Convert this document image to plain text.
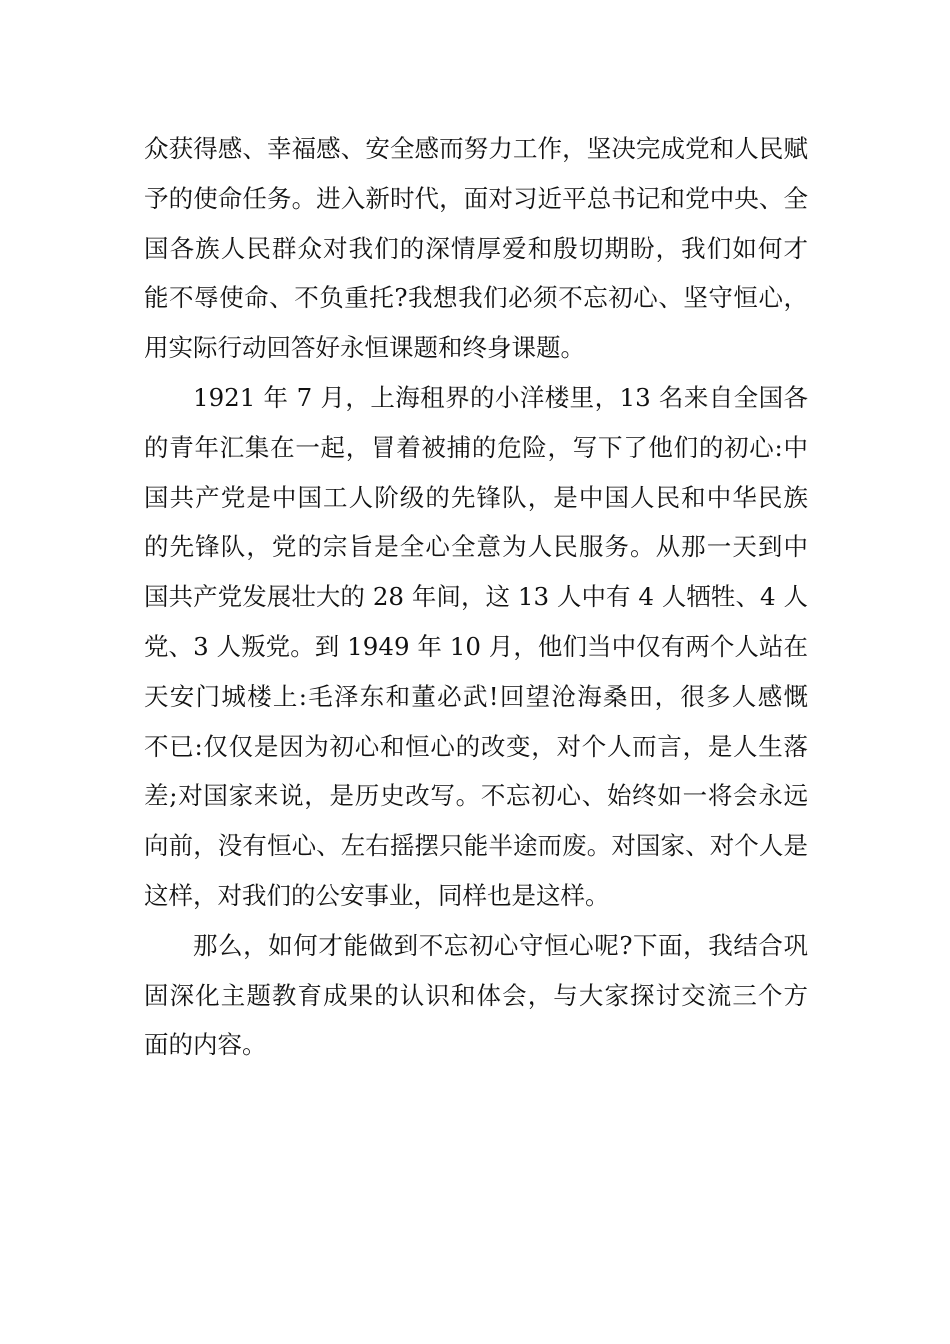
众获得感、幸福感、安全感而努力工作，坚决完成党和人民赋
予的使命任务。进入新时代，面对习近平总书记和党中央、全
国各族人民群众对我们的深情厚爱和殷切期盼，我们如何才
能不辱使命、不负重托?我想我们必须不忘初心、坚守恒心，
用实际行动回答好永恒课题和终身课题。
1921 年 7 月，上海租界的小洋楼里，13 名来自全国各
的青年汇集在一起，冒着被捕的危险，写下了他们的初心:中
国共产党是中国工人阶级的先锋队，是中国人民和中华民族
的先锋队，党的宗旨是全心全意为人民服务。从那一天到中
国共产党发展壮大的 28 年间，这 13 人中有 4 人牺牲、4 人
党、3 人叛党。到 1949 年 10 月，他们当中仅有两个人站在
天安门城楼上:毛泽东和董必武!回望沧海桑田，很多人感慨
不已:仅仅是因为初心和恒心的改变，对个人而言，是人生落
差;对国家来说，是历史改写。不忘初心、始终如一将会永远
向前，没有恒心、左右摇摆只能半途而废。对国家、对个人是
这样，对我们的公安事业，同样也是这样。
那么，如何才能做到不忘初心守恒心呢?下面，我结合巩
固深化主题教育成果的认识和体会，与大家探讨交流三个方
面的内容。
